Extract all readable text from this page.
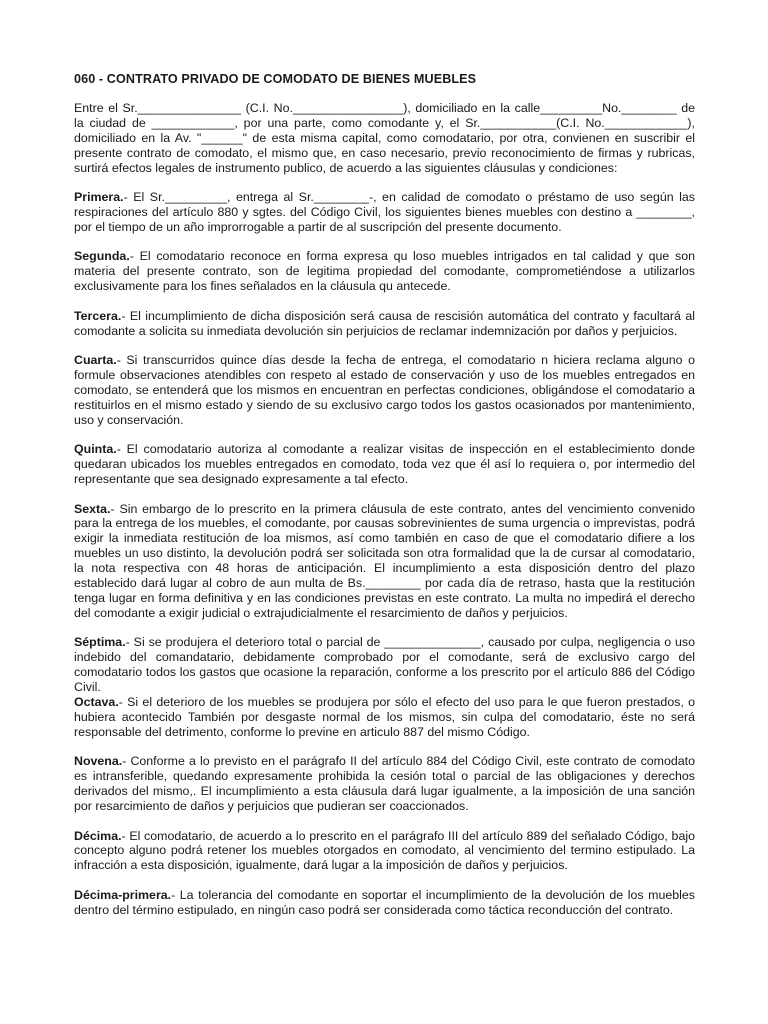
060 - CONTRATO PRIVADO DE COMODATO DE BIENES MUEBLES

Entre el Sr._______________ (C.I. No.________________), domiciliado en la calle_________No.________ de la ciudad de ____________, por una parte, como comodante y, el Sr.___________(C.I. No.____________), domiciliado en la Av. "______" de esta misma capital, como comodatario, por otra, convienen en suscribir el presente contrato de comodato, el mismo que, en caso necesario, previo reconocimiento de firmas y rubricas, surtirá efectos legales de instrumento publico, de acuerdo a las siguientes cláusulas y condiciones:

Primera.- El Sr._________, entrega al Sr.________-, en calidad de comodato o préstamo de uso según las respiraciones del artículo 880 y sgtes. del Código Civil, los siguientes bienes muebles con destino a ________, por el tiempo de un año improrrogable a partir de al suscripción del presente documento.

Segunda.- El comodatario reconoce en forma expresa qu loso muebles intrigados en tal calidad y que son materia del presente contrato, son de legitima propiedad del comodante, comprometiéndose a utilizarlos exclusivamente para los fines señalados en la cláusula qu antecede.

Tercera.- El incumplimiento de dicha disposición será causa de rescisión automática del contrato y facultará al comodante a solicita su inmediata devolución sin perjuicios de reclamar indemnización por daños y perjuicios.

Cuarta.- Si transcurridos quince días desde la fecha de entrega, el comodatario n hiciera reclama alguno o formule observaciones atendibles con respeto al estado de conservación y uso de los muebles entregados en comodato, se entenderá que los mismos en encuentran en perfectas condiciones, obligándose el comodatario a restituirlos en el mismo estado y siendo de su exclusivo cargo todos los gastos ocasionados por mantenimiento, uso y conservación.

Quinta.- El comodatario autoriza al comodante a realizar visitas de inspección en el establecimiento donde quedaran ubicados los muebles entregados en comodato, toda vez que él así lo requiera o, por intermedio del representante que sea designado expresamente a tal efecto.

Sexta.- Sin embargo de lo prescrito en la primera cláusula de este contrato, antes del vencimiento convenido para la entrega de los muebles, el comodante, por causas sobrevinientes de suma urgencia o imprevistas, podrá exigir la inmediata restitución de loa mismos, así como también en caso de que el comodatario difiere a los muebles un uso distinto, la devolución podrá ser solicitada son otra formalidad que la de cursar al comodatario, la nota respectiva con 48 horas de anticipación. El incumplimiento a esta disposición dentro del plazo establecido dará lugar al cobro de aun multa de Bs.________ por cada día de retraso, hasta que la restitución tenga lugar en forma definitiva y en las condiciones previstas en este contrato. La multa no impedirá el derecho del comodante a exigir judicial o extrajudicialmente el resarcimiento de daños y perjuicios.

Séptima.- Si se produjera el deterioro total o parcial de ______________, causado por culpa, negligencia o uso indebido del comandatario, debidamente comprobado por el comodante, será de exclusivo cargo del comodatario todos los gastos que ocasione la reparación, conforme a los prescrito por el artículo 886 del Código Civil.

Octava.- Si el deterioro de los muebles se produjera por sólo el efecto del uso para le que fueron prestados, o hubiera acontecido También por desgaste normal de los mismos, sin culpa del comodatario, éste no será responsable del detrimento, conforme lo previne en articulo 887 del mismo Código.

Novena.- Conforme a lo previsto en el parágrafo II del artículo 884 del Código Civil, este contrato de comodato es intransferible, quedando expresamente prohibida la cesión total o parcial de las obligaciones y derechos derivados del mismo,. El incumplimiento a esta cláusula dará lugar igualmente, a la imposición de una sanción por resarcimiento de daños y perjuicios que pudieran ser coaccionados.

Décima.- El comodatario, de acuerdo a lo prescrito en el parágrafo III del artículo 889 del señalado Código, bajo concepto alguno podrá retener los muebles otorgados en comodato, al vencimiento del termino estipulado. La infracción a esta disposición, igualmente, dará lugar a la imposición de daños y perjuicios.

Décima-primera.- La tolerancia del comodante en soportar el incumplimiento de la devolución de los muebles dentro del término estipulado, en ningún caso podrá ser considerada como táctica reconducción del contrato.
